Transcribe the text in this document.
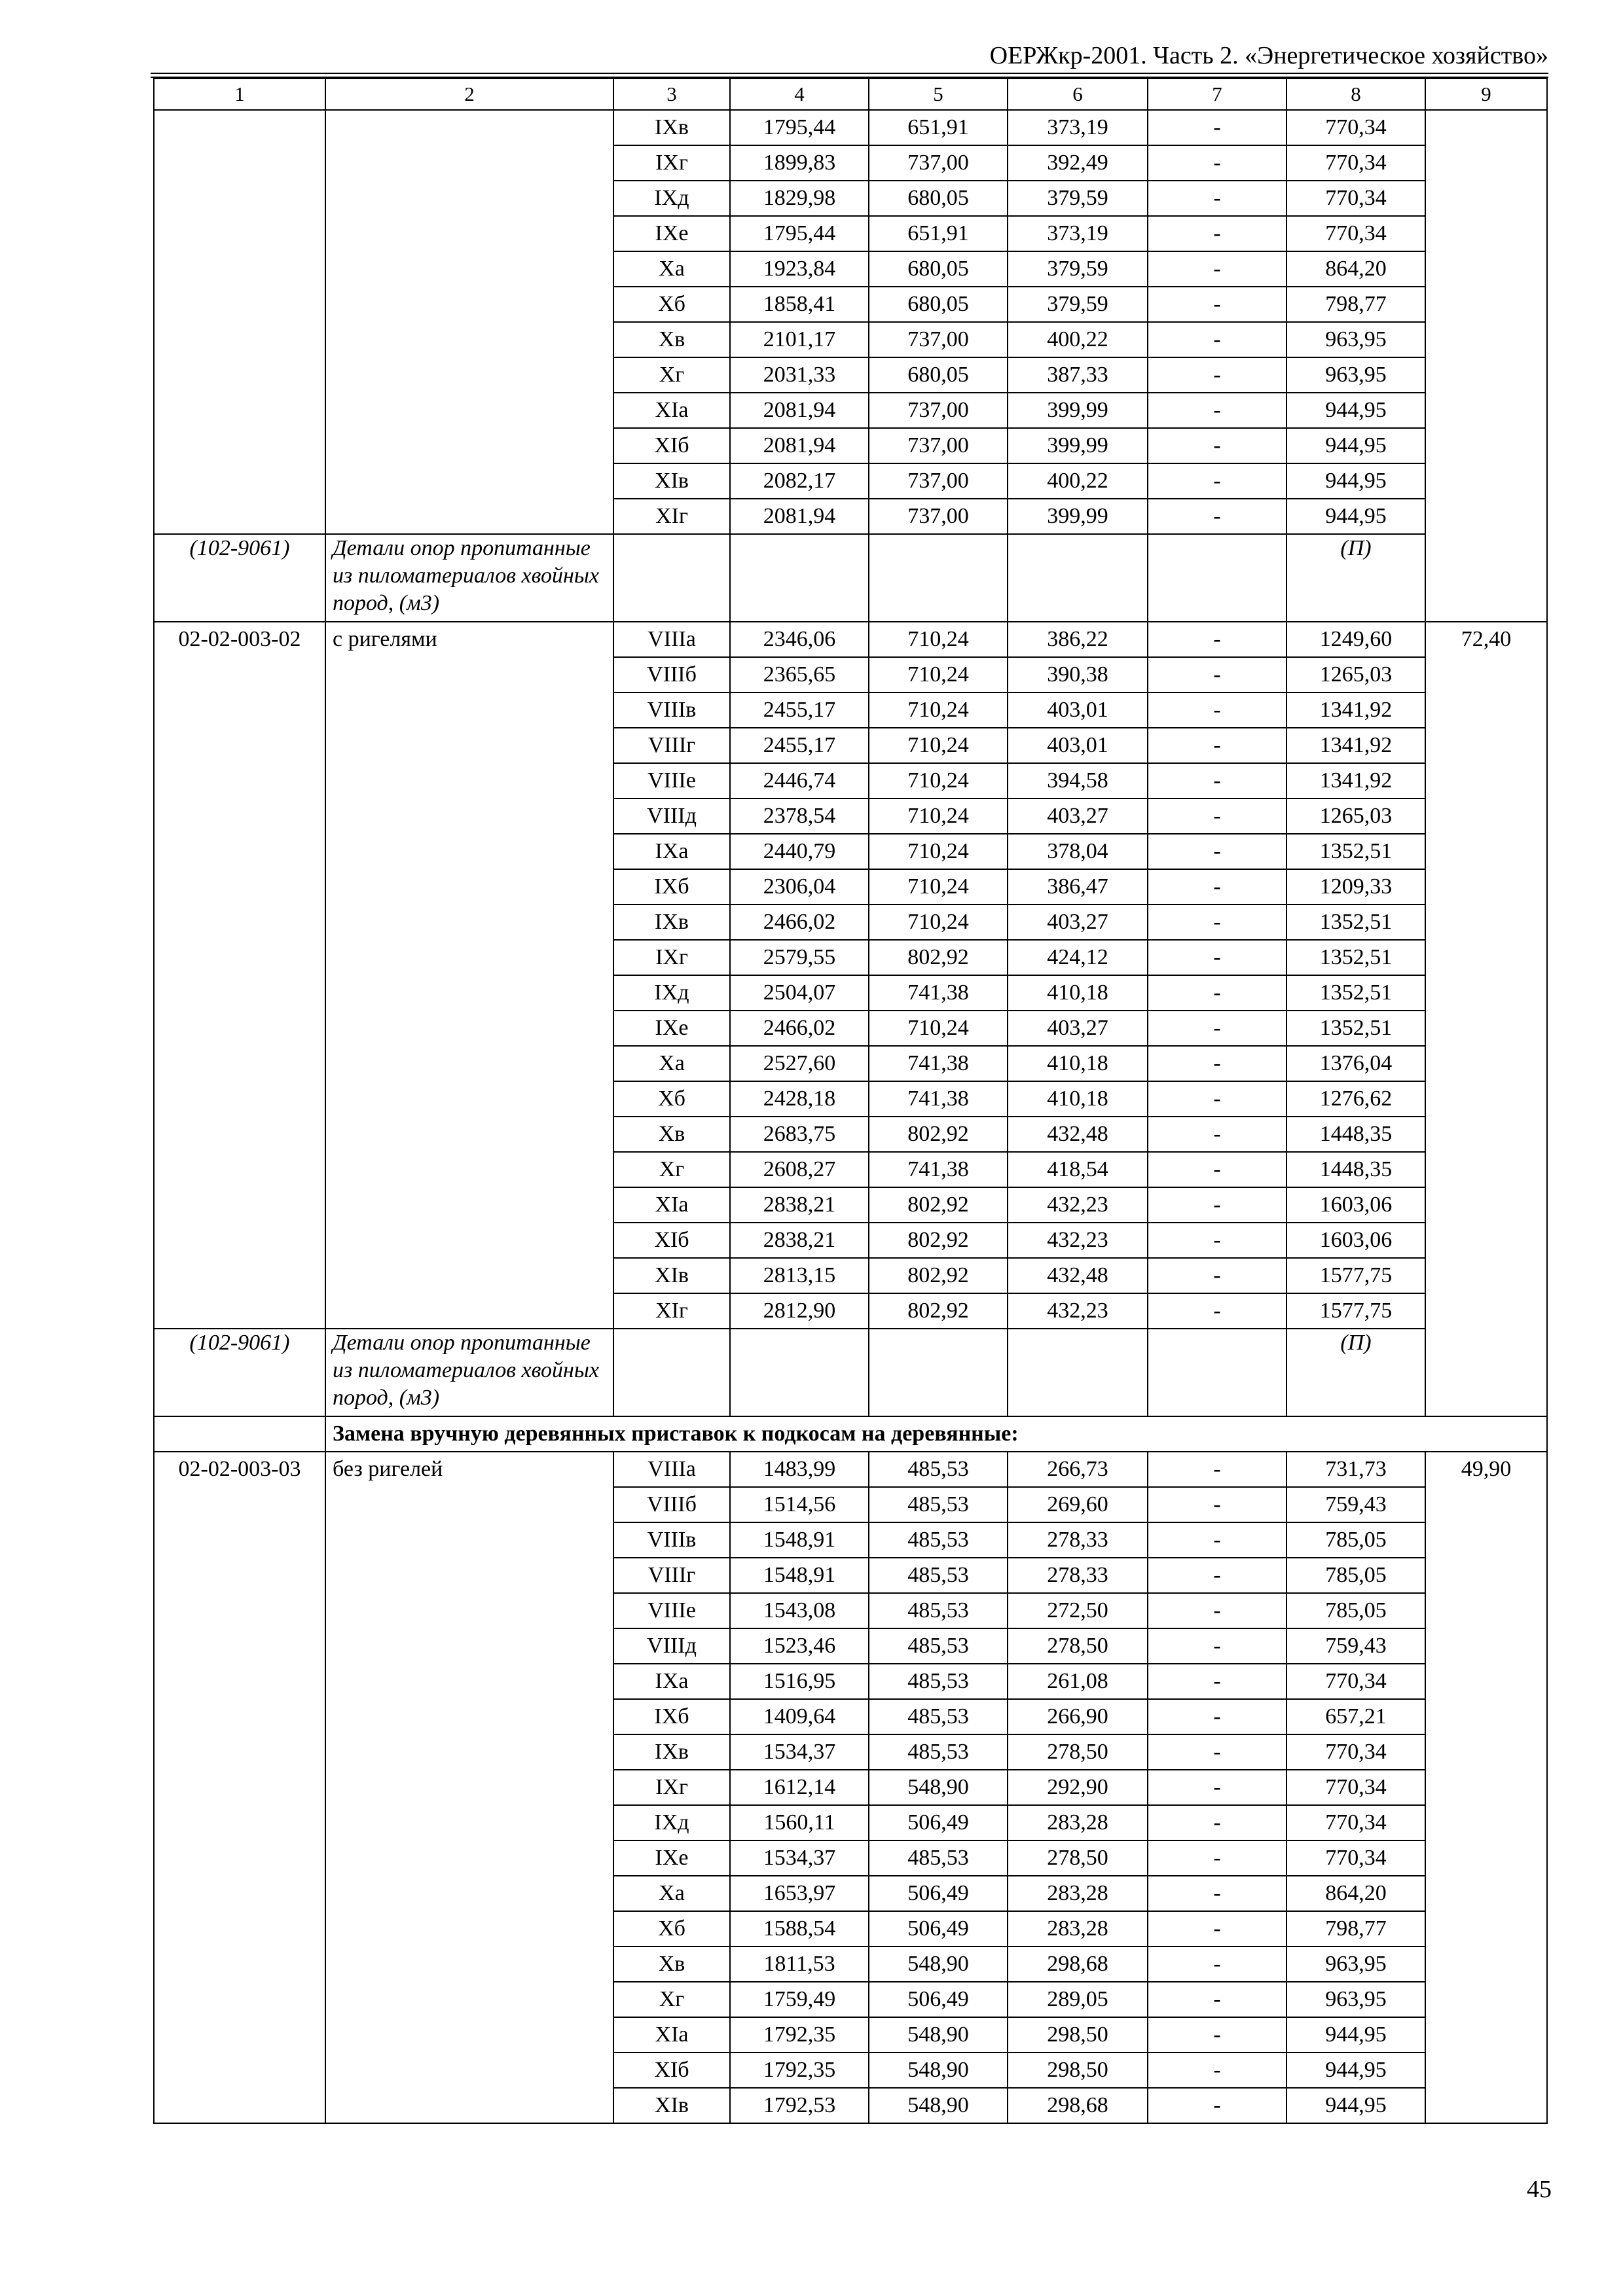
ОЕРЖкр-2001. Часть 2. «Энергетическое хозяйство»
1	2	3	4	5	6	7	8	9
		IXв	1795,44	651,91	373,19	-	770,34	
		IXг	1899,83	737,00	392,49	-	770,34	
		IXд	1829,98	680,05	379,59	-	770,34	
		IXе	1795,44	651,91	373,19	-	770,34	
		Xа	1923,84	680,05	379,59	-	864,20	
		Xб	1858,41	680,05	379,59	-	798,77	
		Xв	2101,17	737,00	400,22	-	963,95	
		Xг	2031,33	680,05	387,33	-	963,95	
		XIа	2081,94	737,00	399,99	-	944,95	
		XIб	2081,94	737,00	399,99	-	944,95	
		XIв	2082,17	737,00	400,22	-	944,95	
		XIг	2081,94	737,00	399,99	-	944,95	
(102-9061)	Детали опор пропитанные из пиломатериалов хвойных пород, (м3)						(П)	
02-02-003-02	с ригелями	VIIIа	2346,06	710,24	386,22	-	1249,60	72,40
		VIIIб	2365,65	710,24	390,38	-	1265,03	
		VIIIв	2455,17	710,24	403,01	-	1341,92	
		VIIIг	2455,17	710,24	403,01	-	1341,92	
		VIIIе	2446,74	710,24	394,58	-	1341,92	
		VIIIд	2378,54	710,24	403,27	-	1265,03	
		IXа	2440,79	710,24	378,04	-	1352,51	
		IXб	2306,04	710,24	386,47	-	1209,33	
		IXв	2466,02	710,24	403,27	-	1352,51	
		IXг	2579,55	802,92	424,12	-	1352,51	
		IXд	2504,07	741,38	410,18	-	1352,51	
		IXе	2466,02	710,24	403,27	-	1352,51	
		Xа	2527,60	741,38	410,18	-	1376,04	
		Xб	2428,18	741,38	410,18	-	1276,62	
		Xв	2683,75	802,92	432,48	-	1448,35	
		Xг	2608,27	741,38	418,54	-	1448,35	
		XIа	2838,21	802,92	432,23	-	1603,06	
		XIб	2838,21	802,92	432,23	-	1603,06	
		XIв	2813,15	802,92	432,48	-	1577,75	
		XIг	2812,90	802,92	432,23	-	1577,75	
(102-9061)	Детали опор пропитанные из пиломатериалов хвойных пород, (м3)						(П)	
	Замена вручную деревянных приставок к подкосам на деревянные:							
02-02-003-03	без ригелей	VIIIа	1483,99	485,53	266,73	-	731,73	49,90
		VIIIб	1514,56	485,53	269,60	-	759,43	
		VIIIв	1548,91	485,53	278,33	-	785,05	
		VIIIг	1548,91	485,53	278,33	-	785,05	
		VIIIе	1543,08	485,53	272,50	-	785,05	
		VIIIд	1523,46	485,53	278,50	-	759,43	
		IXа	1516,95	485,53	261,08	-	770,34	
		IXб	1409,64	485,53	266,90	-	657,21	
		IXв	1534,37	485,53	278,50	-	770,34	
		IXг	1612,14	548,90	292,90	-	770,34	
		IXд	1560,11	506,49	283,28	-	770,34	
		IXе	1534,37	485,53	278,50	-	770,34	
		Xа	1653,97	506,49	283,28	-	864,20	
		Xб	1588,54	506,49	283,28	-	798,77	
		Xв	1811,53	548,90	298,68	-	963,95	
		Xг	1759,49	506,49	289,05	-	963,95	
		XIа	1792,35	548,90	298,50	-	944,95	
		XIб	1792,35	548,90	298,50	-	944,95	
		XIв	1792,53	548,90	298,68	-	944,95	
45
